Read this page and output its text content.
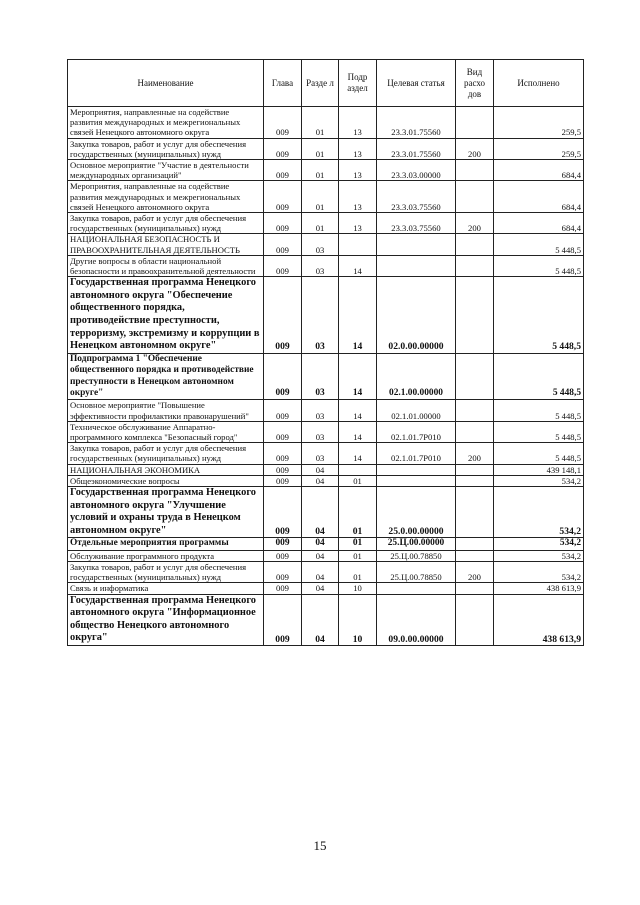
Наименование	Глава	Разде л	Подр аздел	Целевая статья	Вид расхо дов	Исполнено
Мероприятия, направленные на содействие развития международных и межрегиональных связей Ненецкого автономного округа	009	01	13	23.3.01.75560		259,5
Закупка товаров, работ и услуг для обеспечения государственных (муниципальных) нужд	009	01	13	23.3.01.75560	200	259,5
Основное мероприятие "Участие в деятельности международных организаций"	009	01	13	23.3.03.00000		684,4
Мероприятия, направленные на содействие развития международных и межрегиональных связей Ненецкого автономного округа	009	01	13	23.3.03.75560		684,4
Закупка товаров, работ и услуг для обеспечения государственных (муниципальных) нужд	009	01	13	23.3.03.75560	200	684,4
НАЦИОНАЛЬНАЯ БЕЗОПАСНОСТЬ И ПРАВООХРАНИТЕЛЬНАЯ ДЕЯТЕЛЬНОСТЬ	009	03				5 448,5
Другие вопросы в области национальной безопасности и правоохранительной деятельности	009	03	14			5 448,5
Государственная программа Ненецкого автономного округа "Обеспечение общественного порядка, противодействие преступности, терроризму, экстремизму и коррупции в Ненецком автономном округе"	009	03	14	02.0.00.00000		5 448,5
Подпрограмма 1 "Обеспечение общественного порядка и противодействие преступности в Ненецком автономном округе"	009	03	14	02.1.00.00000		5 448,5
Основное мероприятие "Повышение эффективности профилактики правонарушений"	009	03	14	02.1.01.00000		5 448,5
Техническое обслуживание Аппаратно-программного комплекса "Безопасный город"	009	03	14	02.1.01.7Р010		5 448,5
Закупка товаров, работ и услуг для обеспечения государственных (муниципальных) нужд	009	03	14	02.1.01.7Р010	200	5 448,5
НАЦИОНАЛЬНАЯ ЭКОНОМИКА	009	04				439 148,1
Общеэкономические вопросы	009	04	01			534,2
Государственная программа Ненецкого автономного округа "Улучшение условий и охраны труда в Ненецком автономном округе"	009	04	01	25.0.00.00000		534,2
Отдельные мероприятия программы	009	04	01	25.Ц.00.00000		534,2
Обслуживание программного продукта	009	04	01	25.Ц.00.78850		534,2
Закупка товаров, работ и услуг для обеспечения государственных (муниципальных) нужд	009	04	01	25.Ц.00.78850	200	534,2
Связь и информатика	009	04	10			438 613,9
Государственная программа Ненецкого автономного округа "Информационное общество Ненецкого автономного округа"	009	04	10	09.0.00.00000		438 613,9
15
